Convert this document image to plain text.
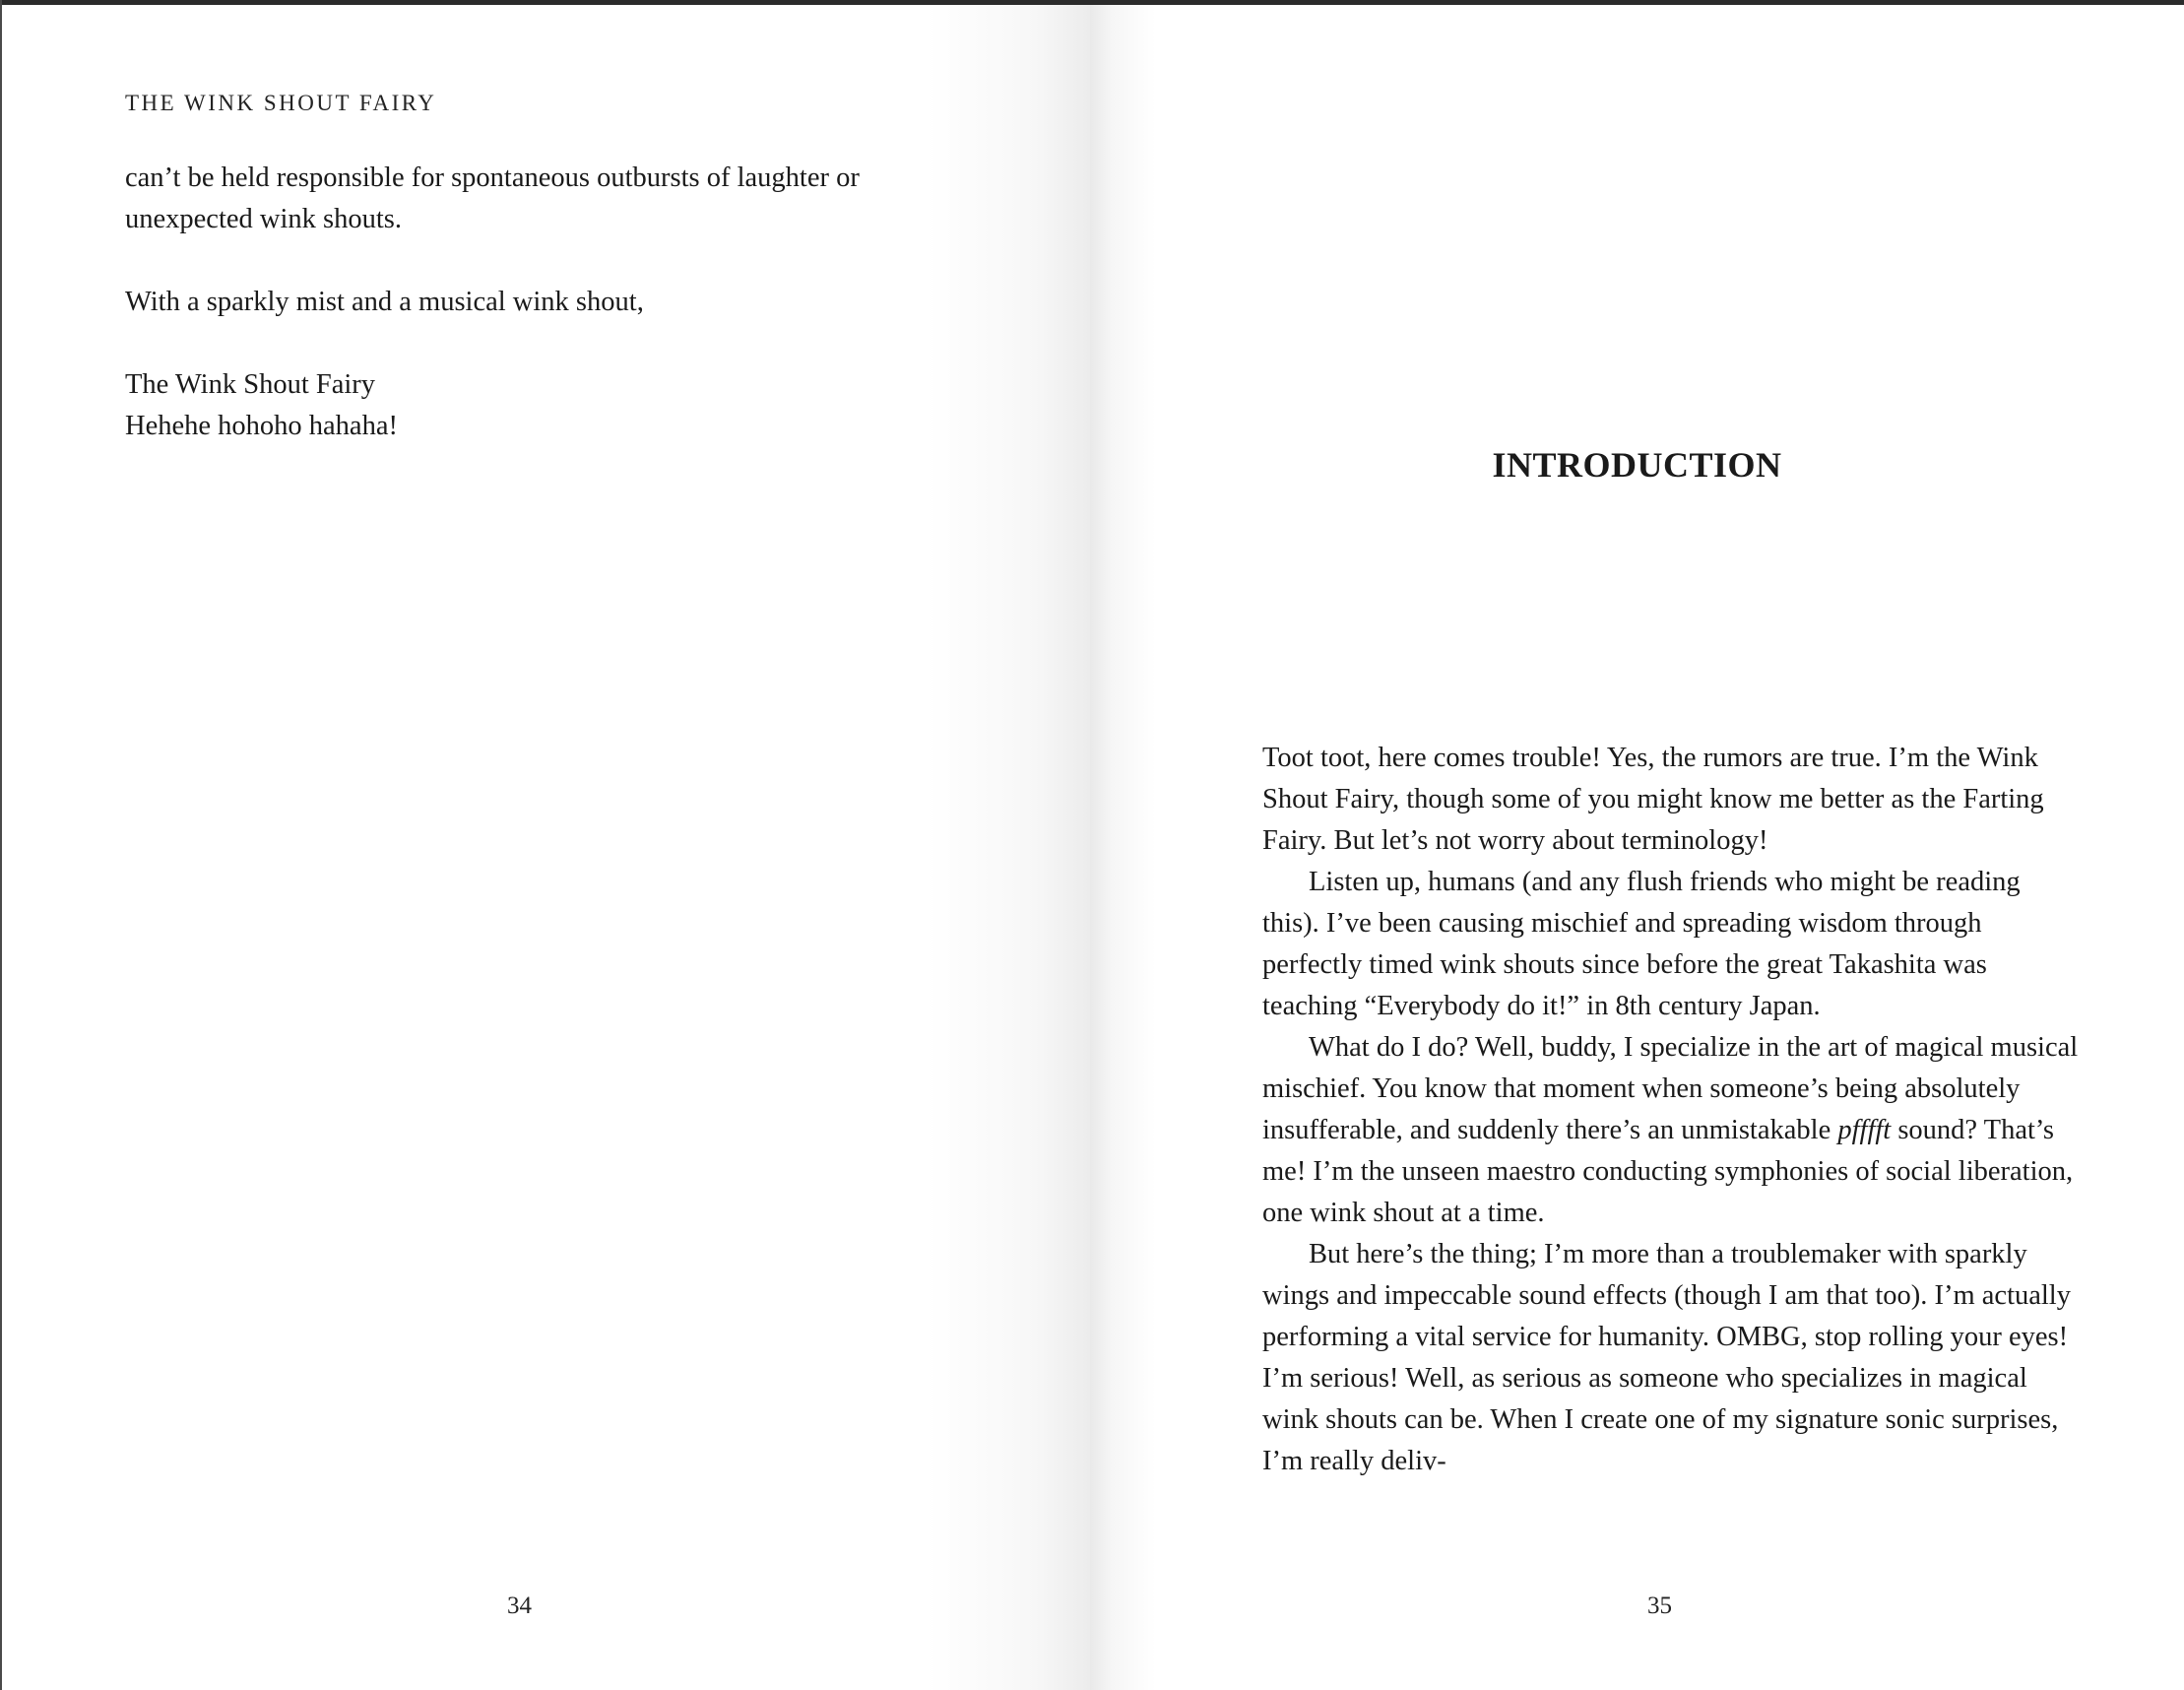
THE WINK SHOUT FAIRY

can’t be held responsible for spontaneous outbursts of laughter or unexpected wink shouts.

With a sparkly mist and a musical wink shout,

The Wink Shout Fairy

Hehehe hohoho hahaha!

34
INTRODUCTION

Toot toot, here comes trouble! Yes, the rumors are true. I’m the Wink Shout Fairy, though some of you might know me better as the Farting Fairy. But let’s not worry about terminology!

Listen up, humans (and any flush friends who might be reading this). I’ve been causing mischief and spreading wisdom through perfectly timed wink shouts since before the great Takashita was teaching “Everybody do it!” in 8th century Japan.

What do I do? Well, buddy, I specialize in the art of magical musical mischief. You know that moment when someone’s being absolutely insufferable, and suddenly there’s an unmistakable pfffft sound? That’s me! I’m the unseen maestro conducting symphonies of social liberation, one wink shout at a time.

But here’s the thing; I’m more than a troublemaker with sparkly wings and impeccable sound effects (though I am that too). I’m actually performing a vital service for humanity. OMBG, stop rolling your eyes! I’m serious! Well, as serious as someone who specializes in magical wink shouts can be. When I create one of my signature sonic surprises, I’m really deliv-

35
